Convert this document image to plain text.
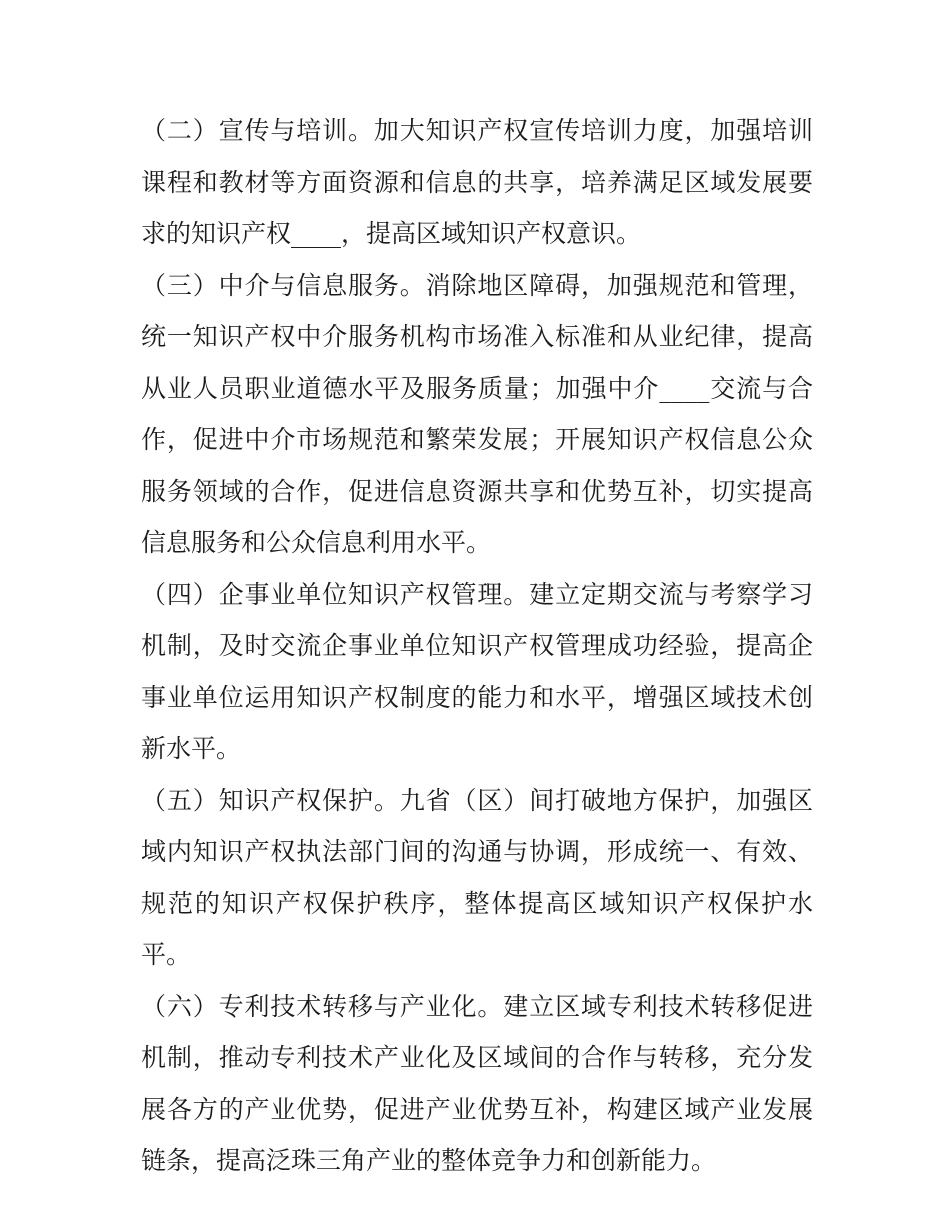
（二）宣传与培训。加大知识产权宣传培训力度，加强培训课程和教材等方面资源和信息的共享，培养满足区域发展要求的知识产权____，提高区域知识产权意识。

（三）中介与信息服务。消除地区障碍，加强规范和管理，统一知识产权中介服务机构市场准入标准和从业纪律，提高从业人员职业道德水平及服务质量；加强中介____交流与合作，促进中介市场规范和繁荣发展；开展知识产权信息公众服务领域的合作，促进信息资源共享和优势互补，切实提高信息服务和公众信息利用水平。

（四）企事业单位知识产权管理。建立定期交流与考察学习机制，及时交流企事业单位知识产权管理成功经验，提高企事业单位运用知识产权制度的能力和水平，增强区域技术创新水平。

（五）知识产权保护。九省（区）间打破地方保护，加强区域内知识产权执法部门间的沟通与协调，形成统一、有效、规范的知识产权保护秩序，整体提高区域知识产权保护水平。

（六）专利技术转移与产业化。建立区域专利技术转移促进机制，推动专利技术产业化及区域间的合作与转移，充分发展各方的产业优势，促进产业优势互补，构建区域产业发展链条，提高泛珠三角产业的整体竞争力和创新能力。
